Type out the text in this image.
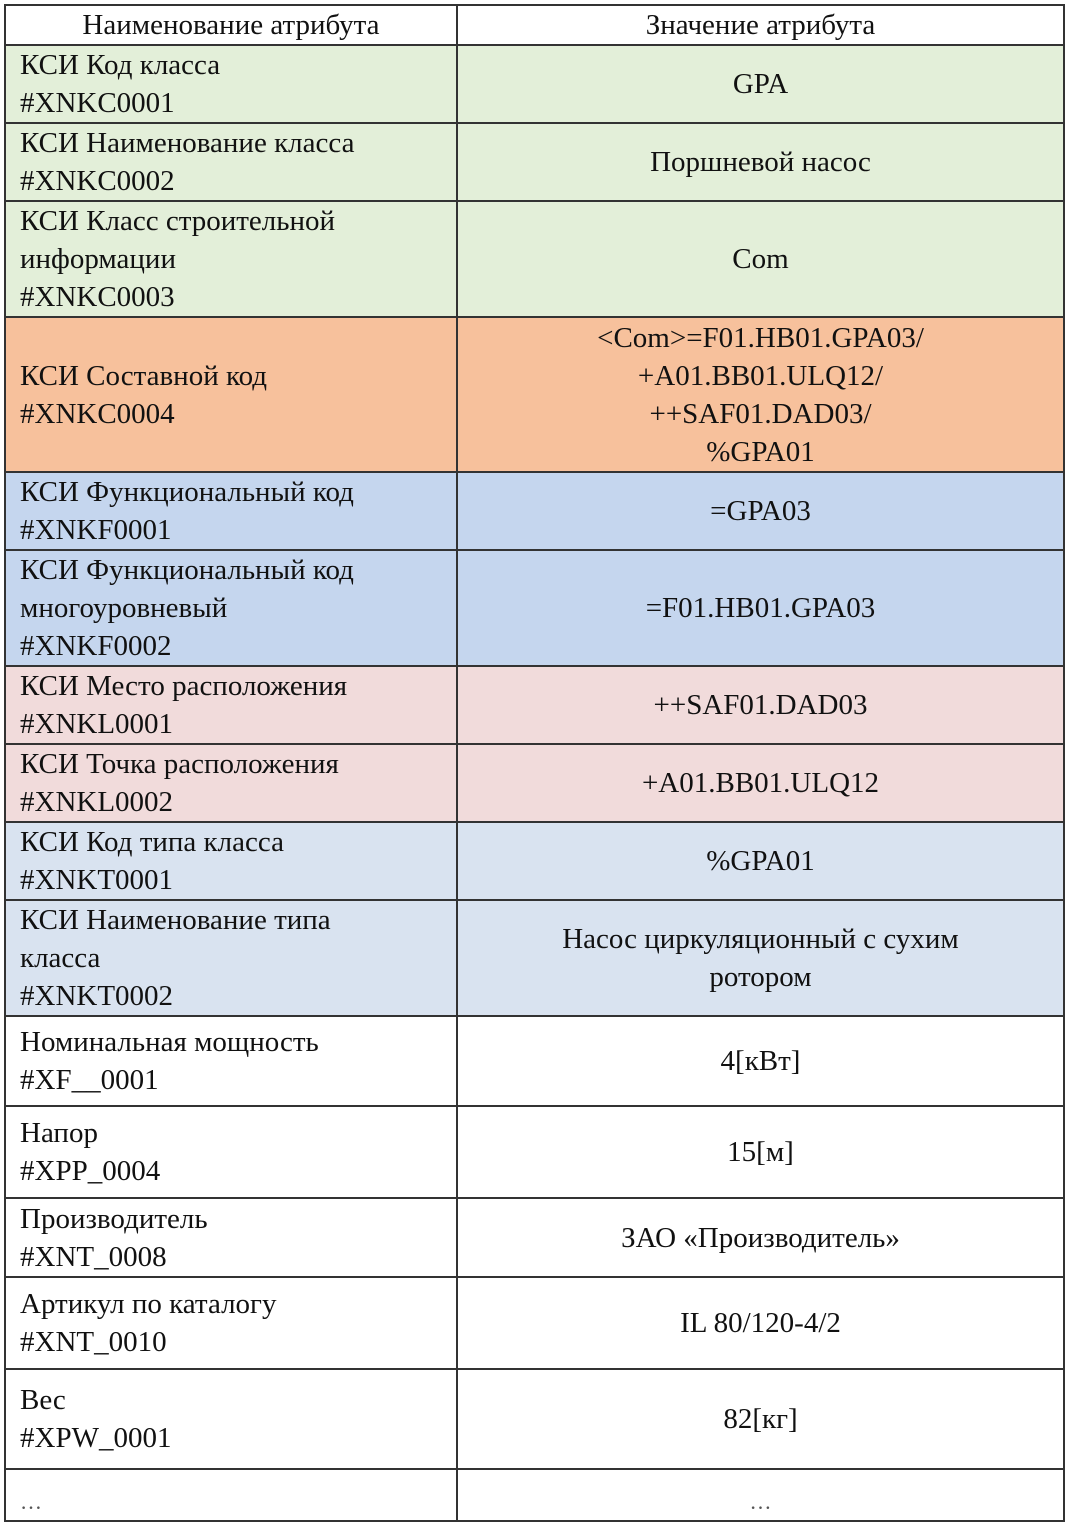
Наименование атрибута	Значение атрибута

КСИ Код класса
#XNKC0001	GPA

КСИ Наименование класса
#XNKC0002	Поршневой насос

КСИ Класс строительной
информации
#XNKC0003	Com

КСИ Составной код
#XNKC0004	<Com>=F01.HB01.GPA03/
+A01.BB01.ULQ12/
++SAF01.DAD03/
%GPA01

КСИ Функциональный код
#XNKF0001	=GPA03

КСИ Функциональный код
многоуровневый
#XNKF0002	=F01.HB01.GPA03

КСИ Место расположения
#XNKL0001	++SAF01.DAD03

КСИ Точка расположения
#XNKL0002	+A01.BB01.ULQ12

КСИ Код типа класса
#XNKT0001	%GPA01

КСИ Наименование типа
класса
#XNKT0002	Насос циркуляционный с сухим
ротором

Номинальная мощность
#XF__0001	4[кВт]

Напор
#XPP_0004	15[м]

Производитель
#XNT_0008	ЗАО «Производитель»

Артикул по каталогу
#XNT_0010	IL 80/120-4/2

Вес
#XPW_0001	82[кг]

…	…
